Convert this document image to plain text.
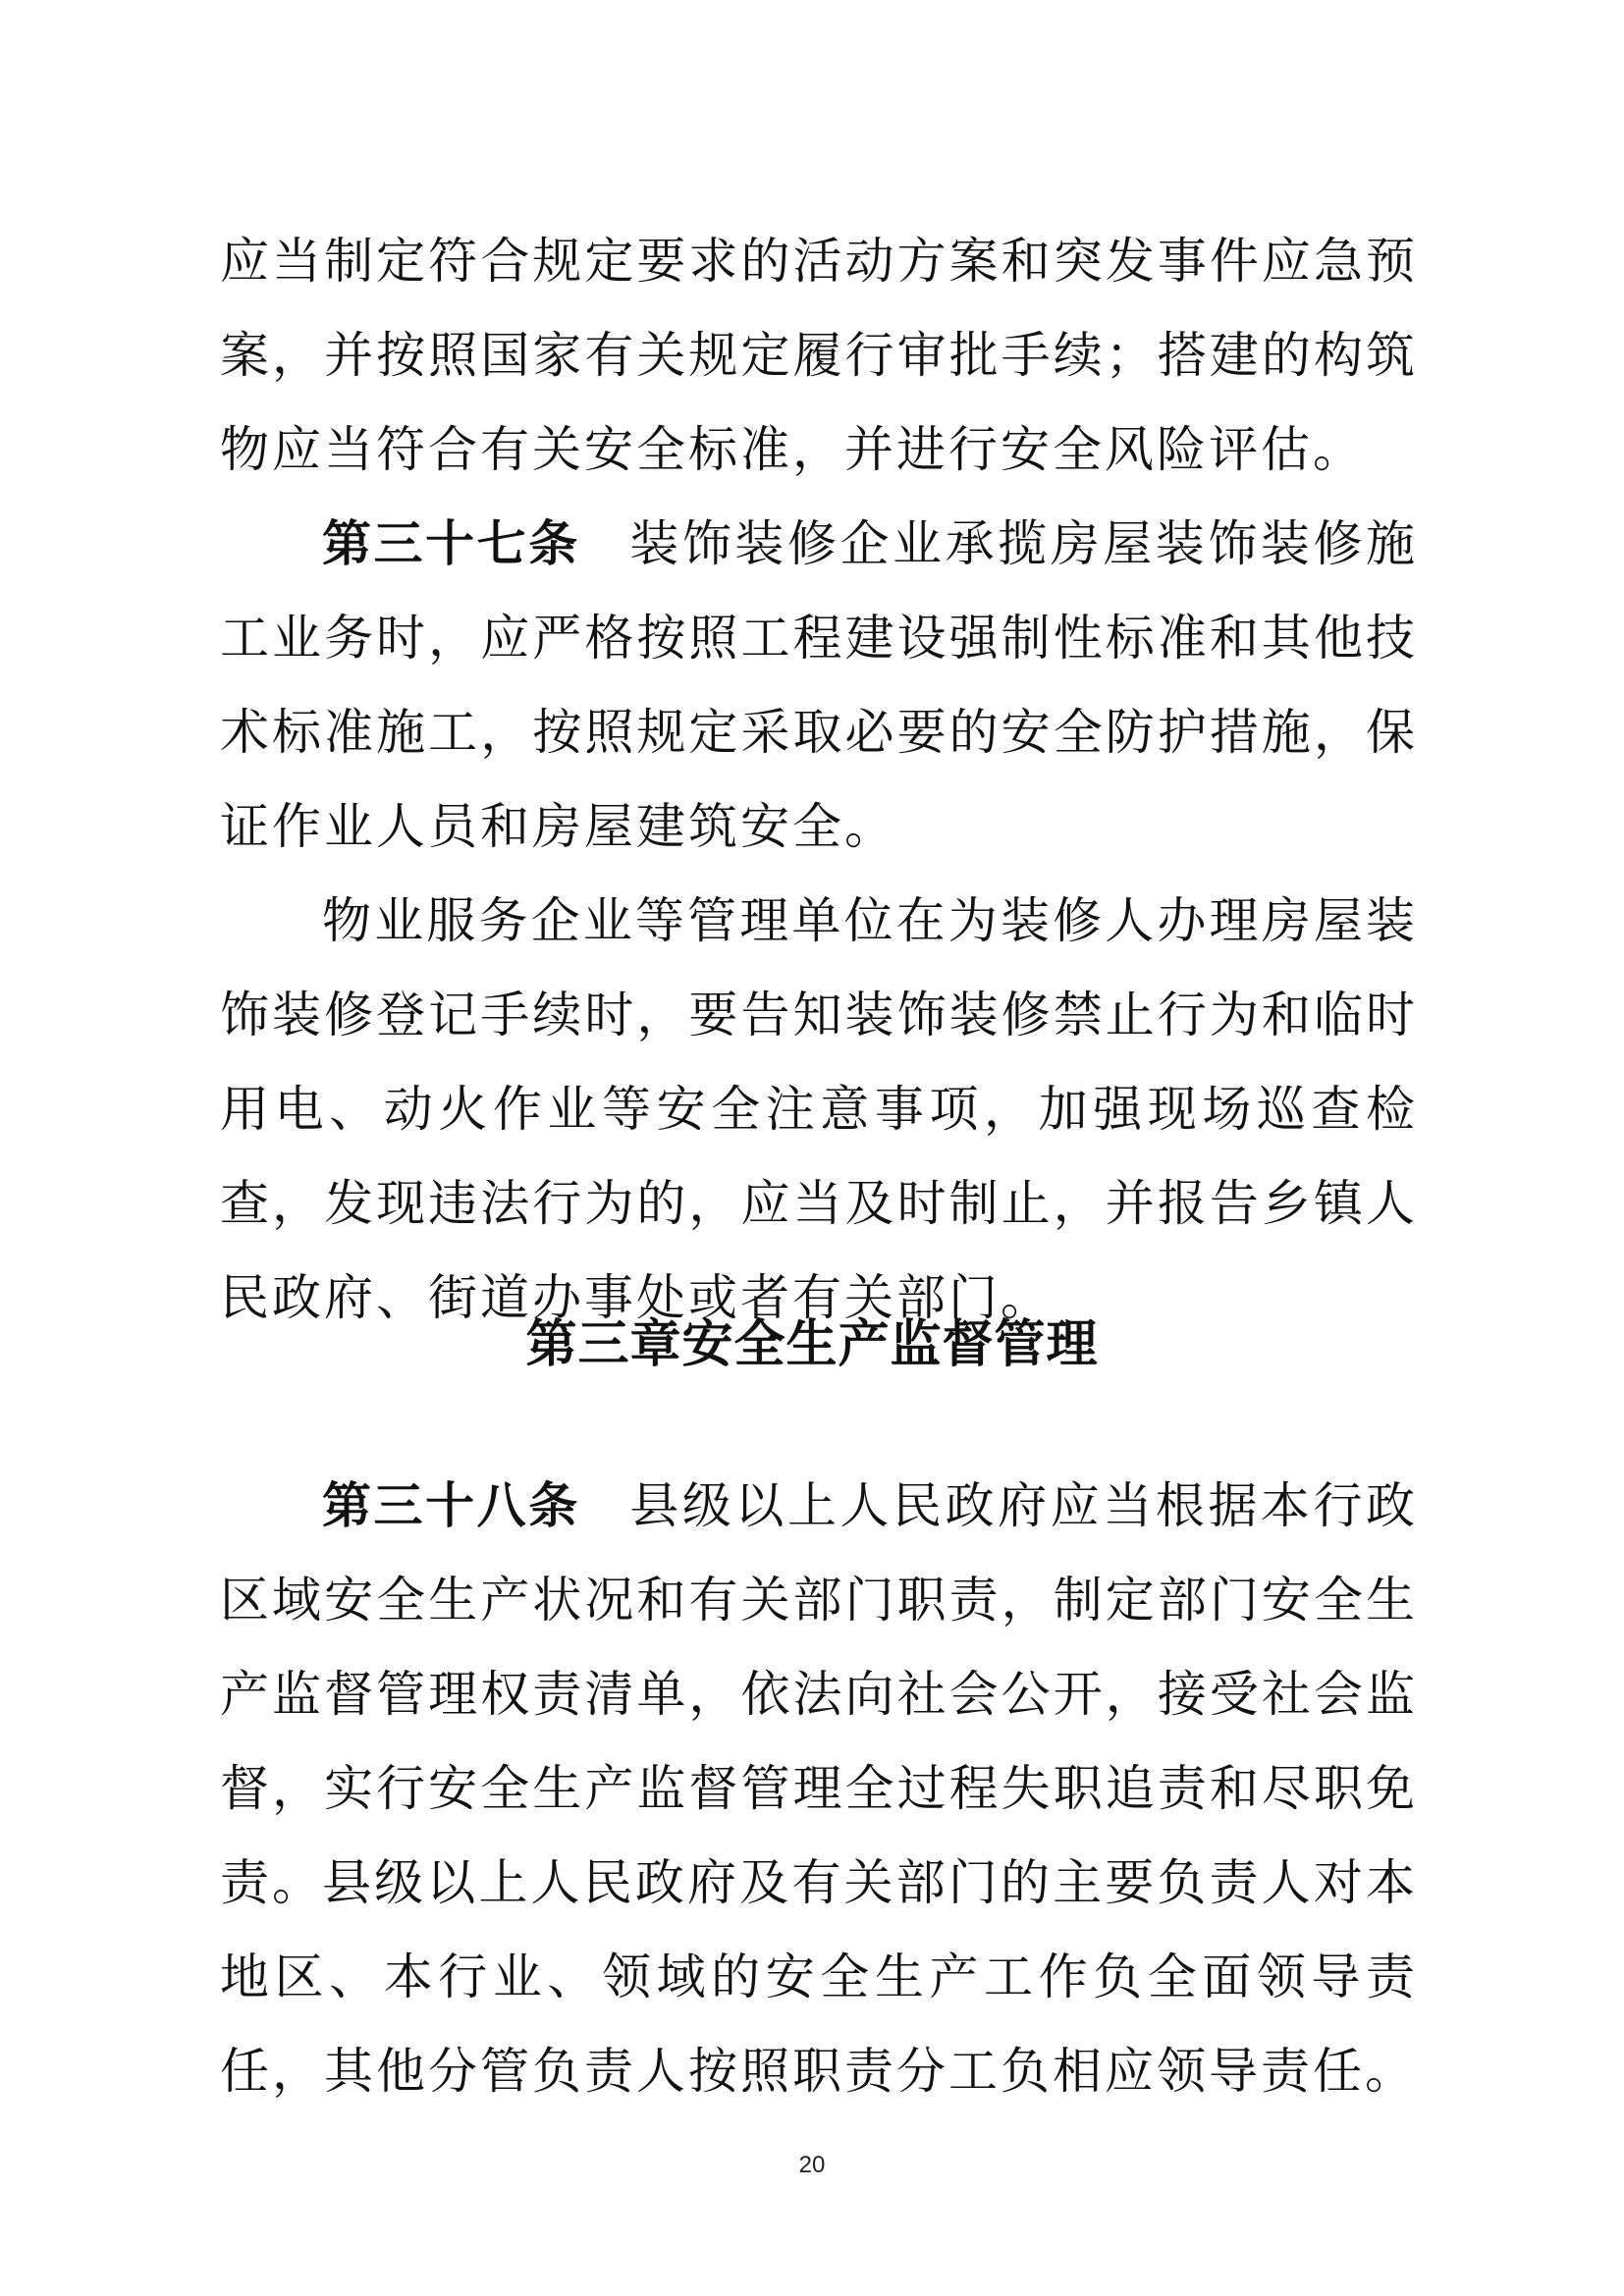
应当制定符合规定要求的活动方案和突发事件应急预案，并按照国家有关规定履行审批手续；搭建的构筑物应当符合有关安全标准，并进行安全风险评估。

第三十七条 装饰装修企业承揽房屋装饰装修施工业务时，应严格按照工程建设强制性标准和其他技术标准施工，按照规定采取必要的安全防护措施，保证作业人员和房屋建筑安全。

物业服务企业等管理单位在为装修人办理房屋装饰装修登记手续时，要告知装饰装修禁止行为和临时用电、动火作业等安全注意事项，加强现场巡查检查，发现违法行为的，应当及时制止，并报告乡镇人民政府、街道办事处或者有关部门。

第三章安全生产监督管理

第三十八条 县级以上人民政府应当根据本行政区域安全生产状况和有关部门职责，制定部门安全生产监督管理权责清单，依法向社会公开，接受社会监督，实行安全生产监督管理全过程失职追责和尽职免责。

县级以上人民政府及有关部门的主要负责人对本地区、本行业、领域的安全生产工作负全面领导责任，其他分管负责人按照职责分工负相应领导责任。

20
